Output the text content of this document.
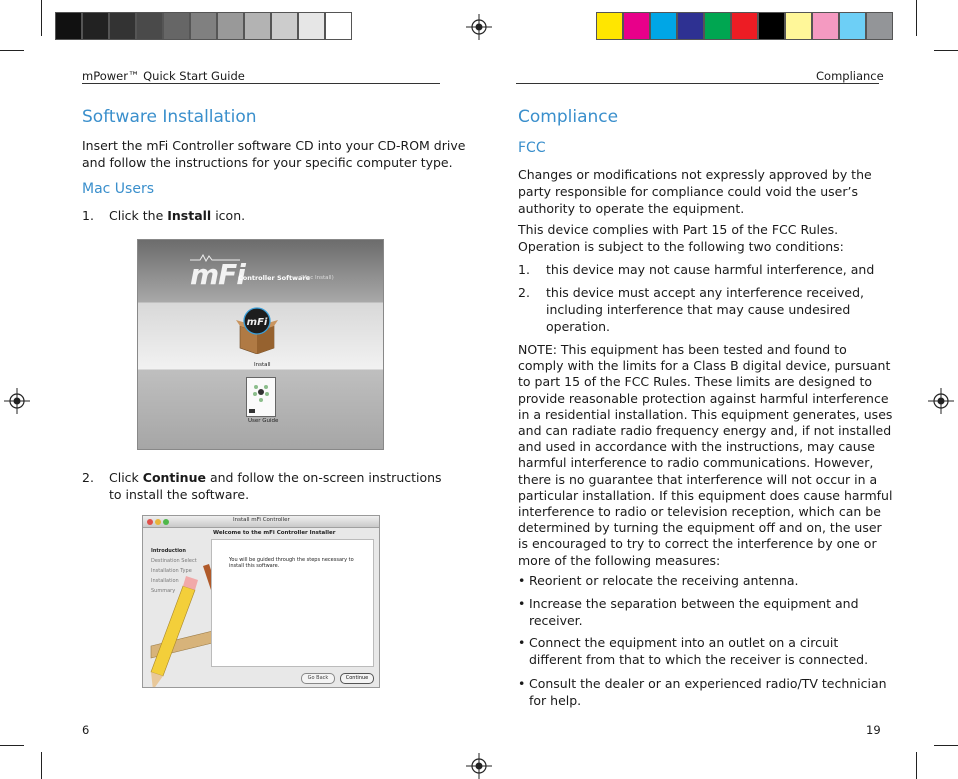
mPower™ Quick Start Guide
Software Installation
Insert the mFi Controller software CD into your CD-ROM drive
and follow the instructions for your specific computer type.
Mac Users
1. Click the Install icon.
mFi
Controller Software
(Mac Install)
mFi
Install
User Guide
2. Click Continue and follow the on-screen instructions
to install the software.
Install mFi Controller
Welcome to the mFi Controller Installer
Introduction
Destination Select
Installation Type
Installation
Summary
You will be guided through the steps necessary to install this software.
Go Back	Continue
6
Compliance
Compliance
FCC
Changes or modifications not expressly approved by the
party responsible for compliance could void the user’s
authority to operate the equipment.
This device complies with Part 15 of the FCC Rules.
Operation is subject to the following two conditions:
1. this device may not cause harmful interference, and
2. this device must accept any interference received,
including interference that may cause undesired
operation.
NOTE: This equipment has been tested and found to
comply with the limits for a Class B digital device, pursuant
to part 15 of the FCC Rules. These limits are designed to
provide reasonable protection against harmful interference
in a residential installation. This equipment generates, uses
and can radiate radio frequency energy and, if not installed
and used in accordance with the instructions, may cause
harmful interference to radio communications. However,
there is no guarantee that interference will not occur in a
particular installation. If this equipment does cause harmful
interference to radio or television reception, which can be
determined by turning the equipment off and on, the user
is encouraged to try to correct the interference by one or
more of the following measures:
• Reorient or relocate the receiving antenna.
• Increase the separation between the equipment and
receiver.
• Connect the equipment into an outlet on a circuit
different from that to which the receiver is connected.
• Consult the dealer or an experienced radio/TV technician
for help.
19
